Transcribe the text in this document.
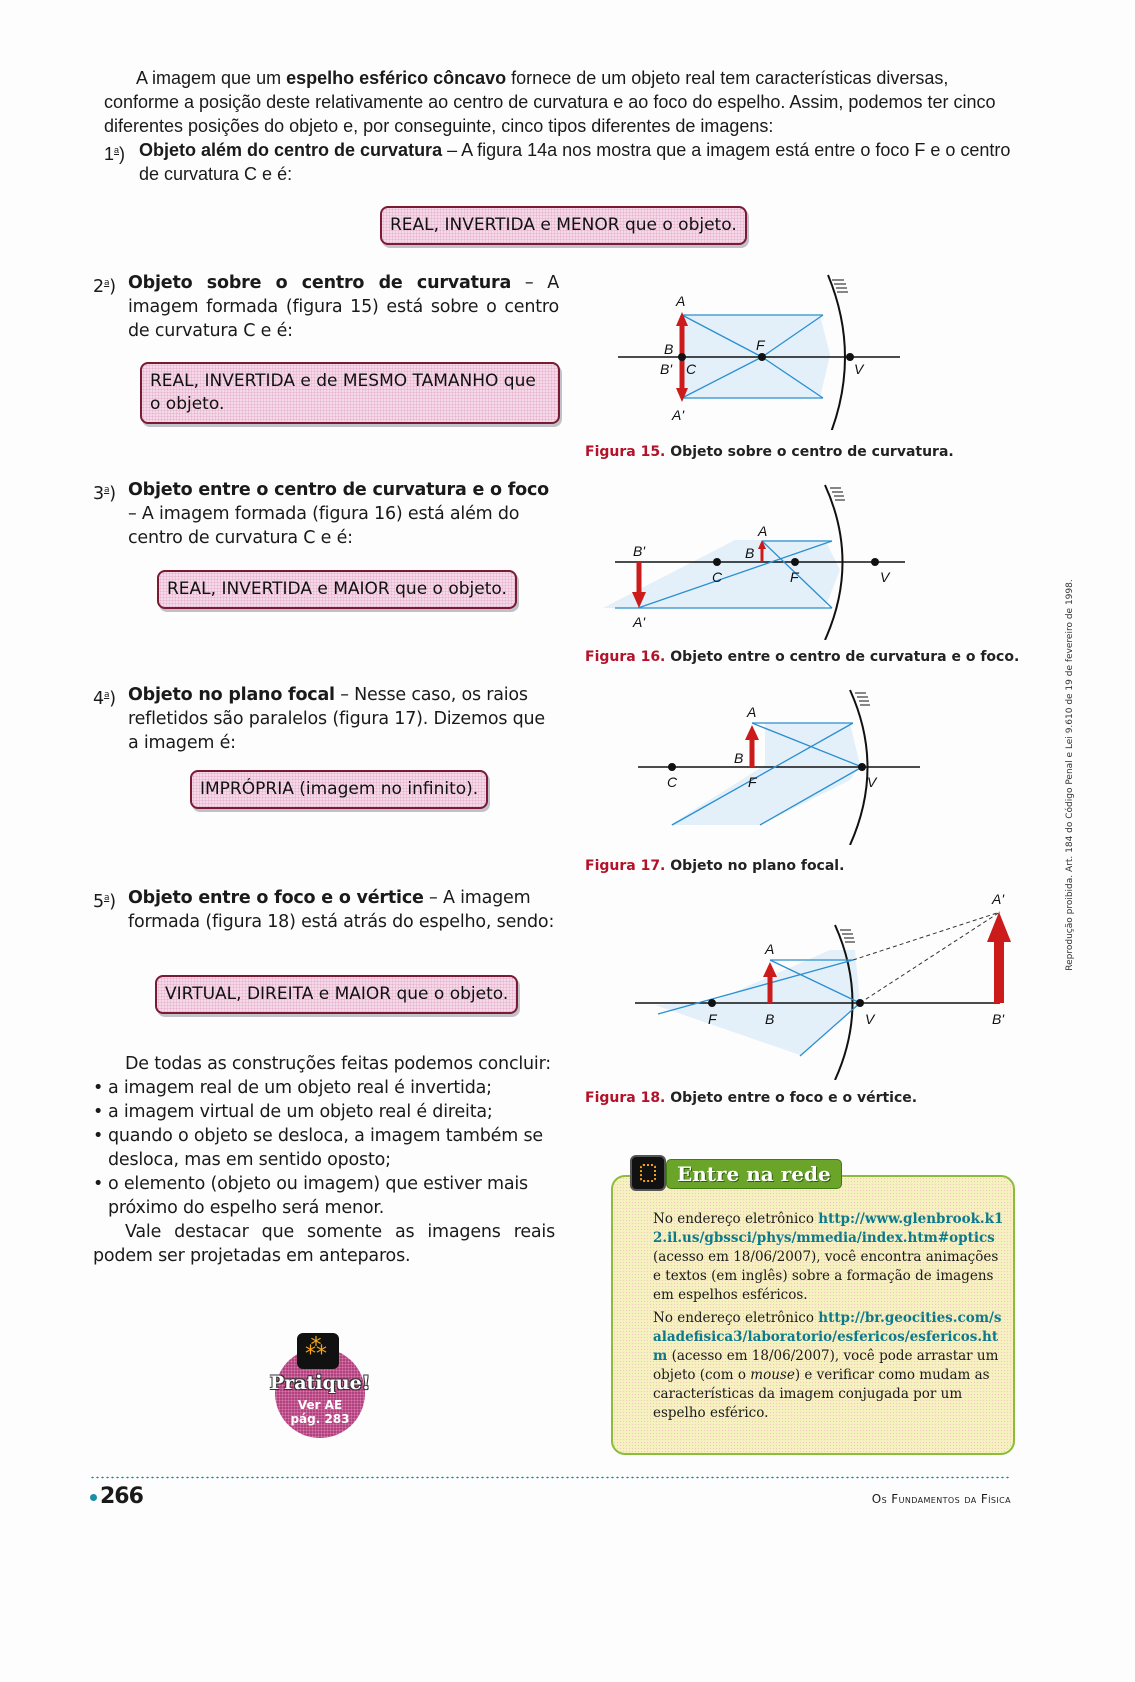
A imagem que um espelho esférico côncavo fornece de um objeto real tem características diversas, conforme a posição deste relativamente ao centro de curvatura e ao foco do espelho. Assim, podemos ter cinco diferentes posições do objeto e, por conseguinte, cinco tipos diferentes de imagens:
1$^a$) Objeto além do centro de curvatura – A figura 14a nos mostra que a imagem está entre o foco F e o centro de curvatura C e é:
REAL, INVERTIDA e MENOR que o objeto.
2$^a$) Objeto sobre o centro de curvatura – A imagem formada (figura 15) está sobre o centro de curvatura C e é:
REAL, INVERTIDA e de MESMO TAMANHO que o objeto.
3$^a$) Objeto entre o centro de curvatura e o foco – A imagem formada (figura 16) está além do centro de curvatura C e é:
REAL, INVERTIDA e MAIOR que o objeto.
4$^a$) Objeto no plano focal – Nesse caso, os raios refletidos são paralelos (figura 17). Dizemos que a imagem é:
IMPRÓPRIA (imagem no infinito).
5$^a$) Objeto entre o foco e o vértice – A imagem formada (figura 18) está atrás do espelho, sendo:
VIRTUAL, DIREITA e MAIOR que o objeto.
De todas as construções feitas podemos concluir:
• a imagem real de um objeto real é invertida;
• a imagem virtual de um objeto real é direita;
• quando o objeto se desloca, a imagem também se desloca, mas em sentido oposto;
• o elemento (objeto ou imagem) que estiver mais próximo do espelho será menor.
Vale destacar que somente as imagens reais podem ser projetadas em anteparos.
A
B
B' C
F
V
A'
Figura 15. Objeto sobre o centro de curvatura.
A
B
B'
C	F	V
A'
Figura 16. Objeto entre o centro de curvatura e o foco.
A
B
C	F	V
Figura 17. Objeto no plano focal.
A
B
F	V
A'
B'
Figura 18. Objeto entre o foco e o vértice.
Entre na rede

No endereço eletrônico http://www.glenbrook.k12.il.us/gbssci/phys/mmedia/index.htm#optics (acesso em 18/06/2007), você encontra animações e textos (em inglês) sobre a formação de imagens em espelhos esféricos.

No endereço eletrônico http://br.geocities.com/saladefisica3/laboratorio/esfericos/esfericos.htm (acesso em 18/06/2007), você pode arrastar um objeto (com o mouse) e verificar como mudam as características da imagem conjugada por um espelho esférico.

⁂
Pratique!
Ver AE
pág. 283
266	Os Fundamentos da Física
Reprodução proibida. Art. 184 do Código Penal e Lei 9.610 de 19 de fevereiro de 1998.
